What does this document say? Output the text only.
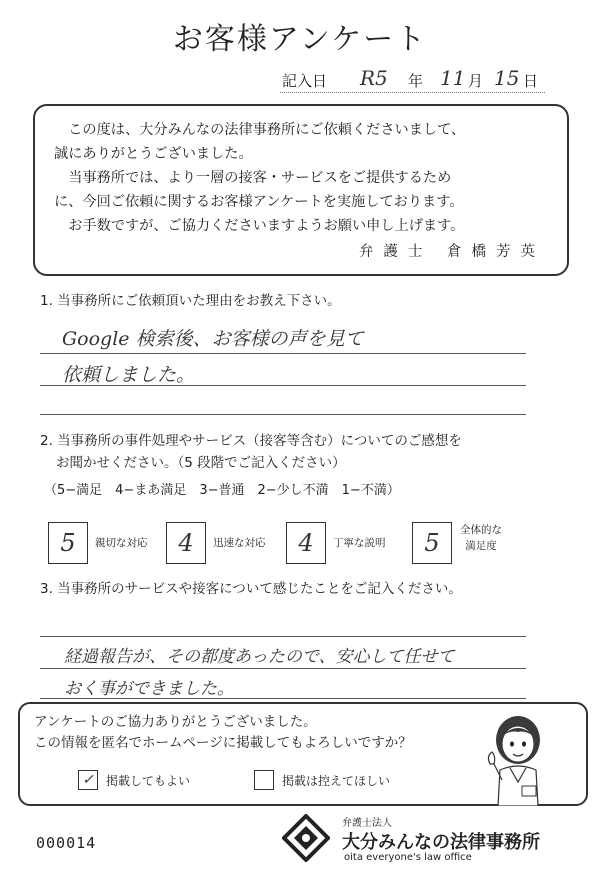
お客様アンケート
記入日 R5 年 11 月 15 日
　この度は、大分みんなの法律事務所にご依頼くださいまして、
誠にありがとうございました。
　当事務所では、より一層の接客・サービスをご提供するため
に、今回ご依頼に関するお客様アンケートを実施しております。
　お手数ですが、ご協力くださいますようお願い申し上げます。
弁護士 倉橋芳英
1. 当事務所にご依頼頂いた理由をお教え下さい。
Google 検索後、お客様の声を見て
依頼しました。
2. 当事務所の事件処理やサービス（接客等含む）についてのご感想を
お聞かせください。（5 段階でご記入ください）
（5−満足　4−まあ満足　3−普通　2−少し不満　1−不満）
5	親切な対応	4	迅速な対応	4	丁寧な説明	5	全体的な
満足度
3. 当事務所のサービスや接客について感じたことをご記入ください。
経過報告が、その都度あったので、安心して任せて
おく事ができました。
アンケートのご協力ありがとうございました。
この情報を匿名でホームページに掲載してもよろしいですか？
✓	掲載してもよい	掲載は控えてほしい
000014
弁護士法人
大分みんなの法律事務所
oita everyone's law office
